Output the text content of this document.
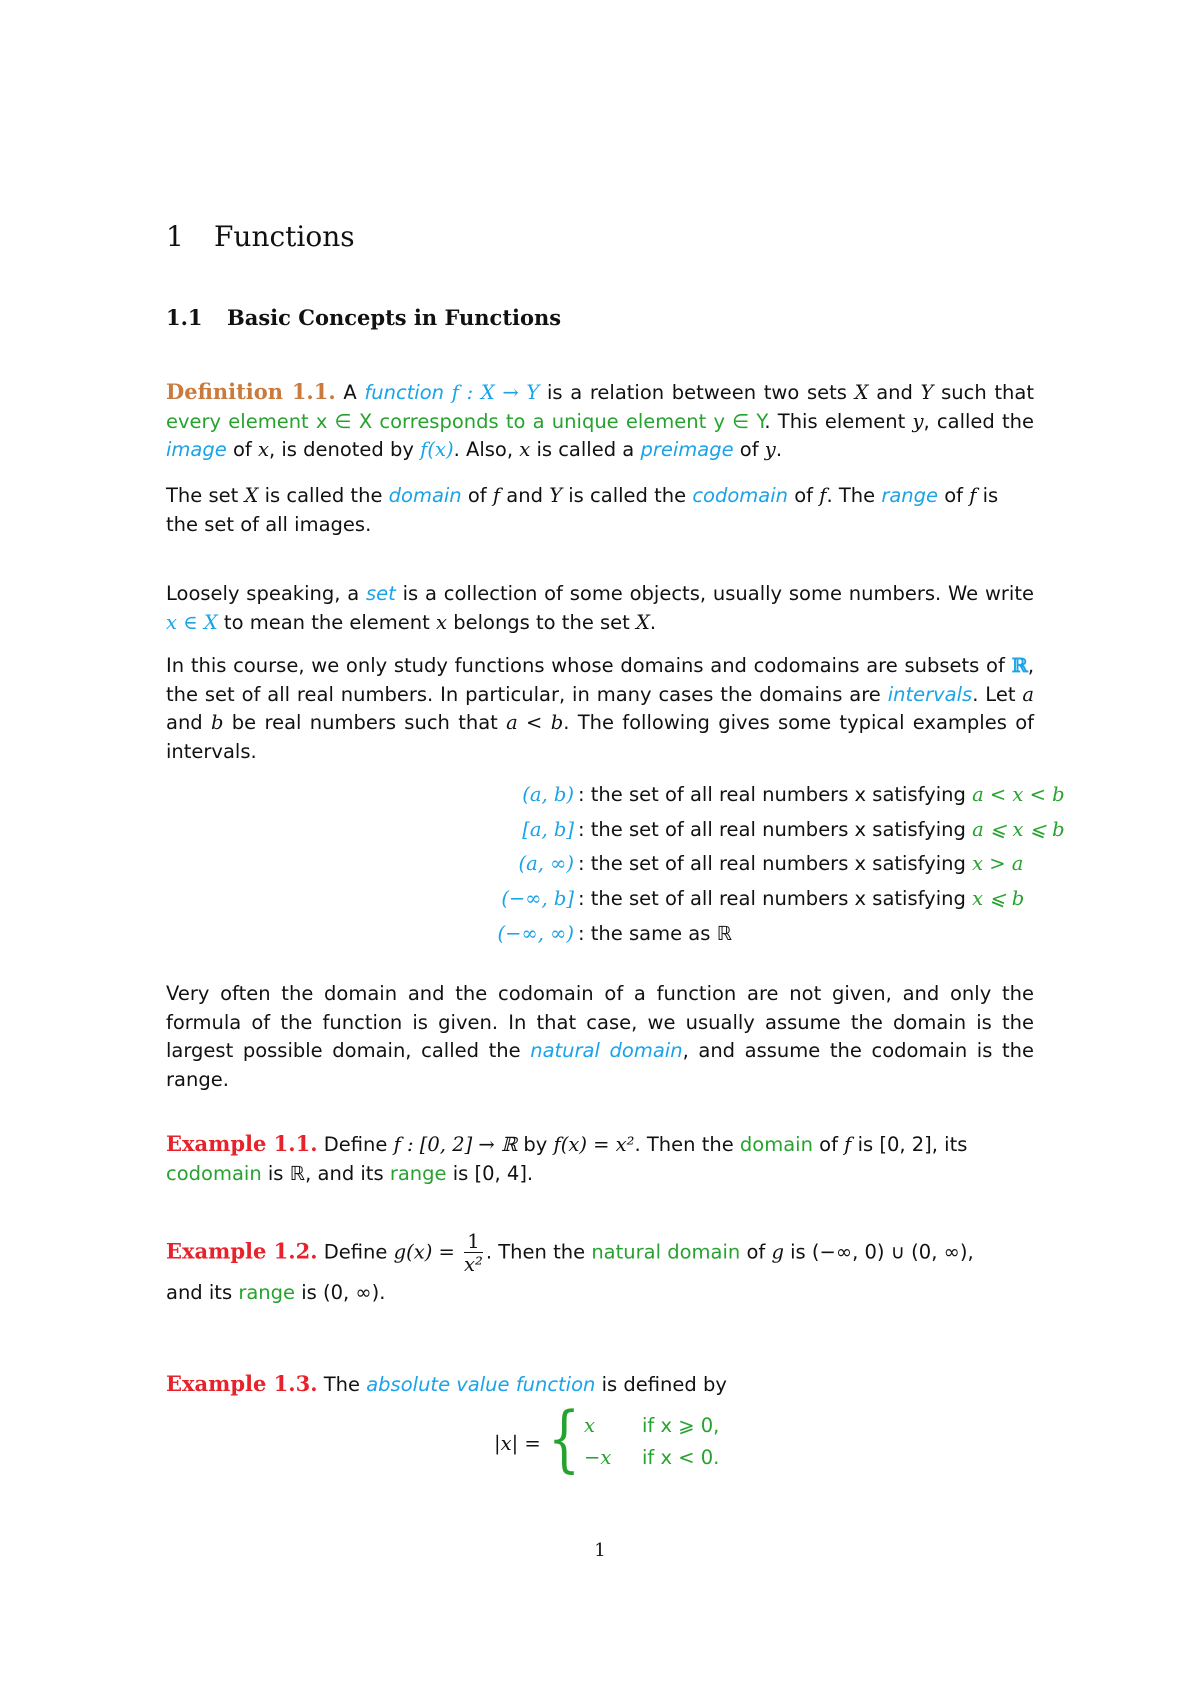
1 Functions
1.1 Basic Concepts in Functions
Definition 1.1. A function f : X → Y is a relation between two sets X and Y such that every element x ∈ X corresponds to a unique element y ∈ Y. This element y, called the image of x, is denoted by f(x). Also, x is called a preimage of y.
The set X is called the domain of f and Y is called the codomain of f. The range of f is the set of all images.
Loosely speaking, a set is a collection of some objects, usually some numbers. We write x ∈ X to mean the element x belongs to the set X.
In this course, we only study functions whose domains and codomains are subsets of ℝ, the set of all real numbers. In particular, in many cases the domains are intervals. Let a and b be real numbers such that a < b. The following gives some typical examples of intervals.
(a, b) : the set of all real numbers x satisfying a < x < b
[a, b] : the set of all real numbers x satisfying a ⩽ x ⩽ b
(a, ∞) : the set of all real numbers x satisfying x > a
(−∞, b] : the set of all real numbers x satisfying x ⩽ b
(−∞, ∞) : the same as ℝ
Very often the domain and the codomain of a function are not given, and only the formula of the function is given. In that case, we usually assume the domain is the largest possible domain, called the natural domain, and assume the codomain is the range.
Example 1.1. Define f : [0, 2] → ℝ by f(x) = x². Then the domain of f is [0, 2], its codomain is ℝ, and its range is [0, 4].
Example 1.2. Define $g(x) = \frac{1}{\text{x²}}$ . Then the natural domain of g is (−∞, 0) ∪ (0, ∞),
and its range is (0, ∞).
Example 1.3. The absolute value function is defined by
|x| = { x if x ⩾ 0,
−x if x < 0.
1
